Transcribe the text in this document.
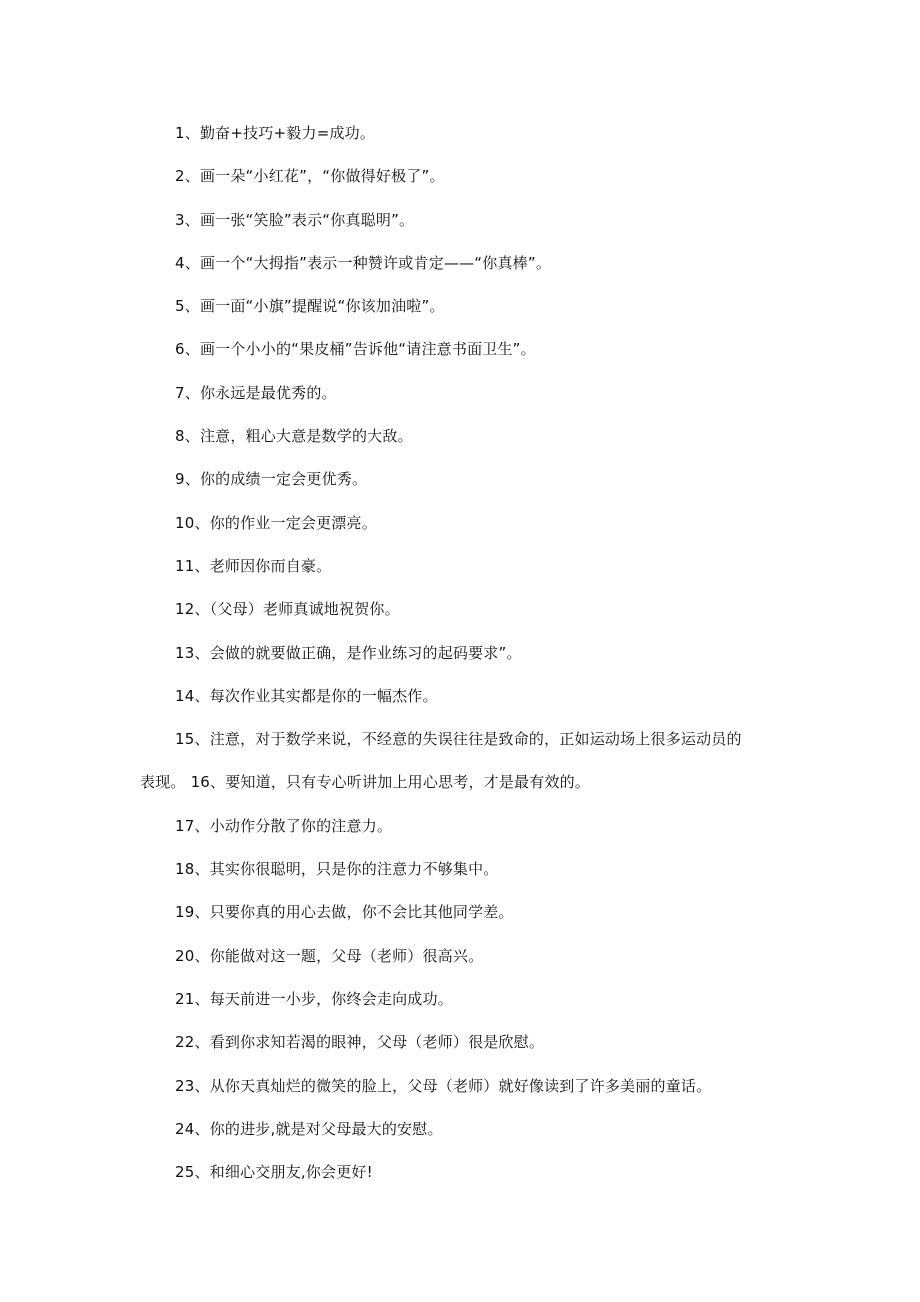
1、勤奋+技巧+毅力=成功。
2、画一朵“小红花”，“你做得好极了”。
3、画一张“笑脸”表示“你真聪明”。
4、画一个“大拇指”表示一种赞许或肯定——“你真棒”。
5、画一面“小旗”提醒说“你该加油啦”。
6、画一个小小的“果皮桶”告诉他“请注意书面卫生”。
7、你永远是最优秀的。
8、注意，粗心大意是数学的大敌。
9、你的成绩一定会更优秀。
10、你的作业一定会更漂亮。
11、老师因你而自豪。
12、（父母）老师真诚地祝贺你。
13、会做的就要做正确，是作业练习的起码要求”。
14、每次作业其实都是你的一幅杰作。
15、注意，对于数学来说，不经意的失误往往是致命的，正如运动场上很多运动员的
表现。 16、要知道，只有专心听讲加上用心思考，才是最有效的。
17、小动作分散了你的注意力。
18、其实你很聪明，只是你的注意力不够集中。
19、只要你真的用心去做，你不会比其他同学差。
20、你能做对这一题，父母（老师）很高兴。
21、每天前进一小步，你终会走向成功。
22、看到你求知若渴的眼神，父母（老师）很是欣慰。
23、从你天真灿烂的微笑的脸上，父母（老师）就好像读到了许多美丽的童话。
24、你的进步,就是对父母最大的安慰。
25、和细心交朋友,你会更好!
